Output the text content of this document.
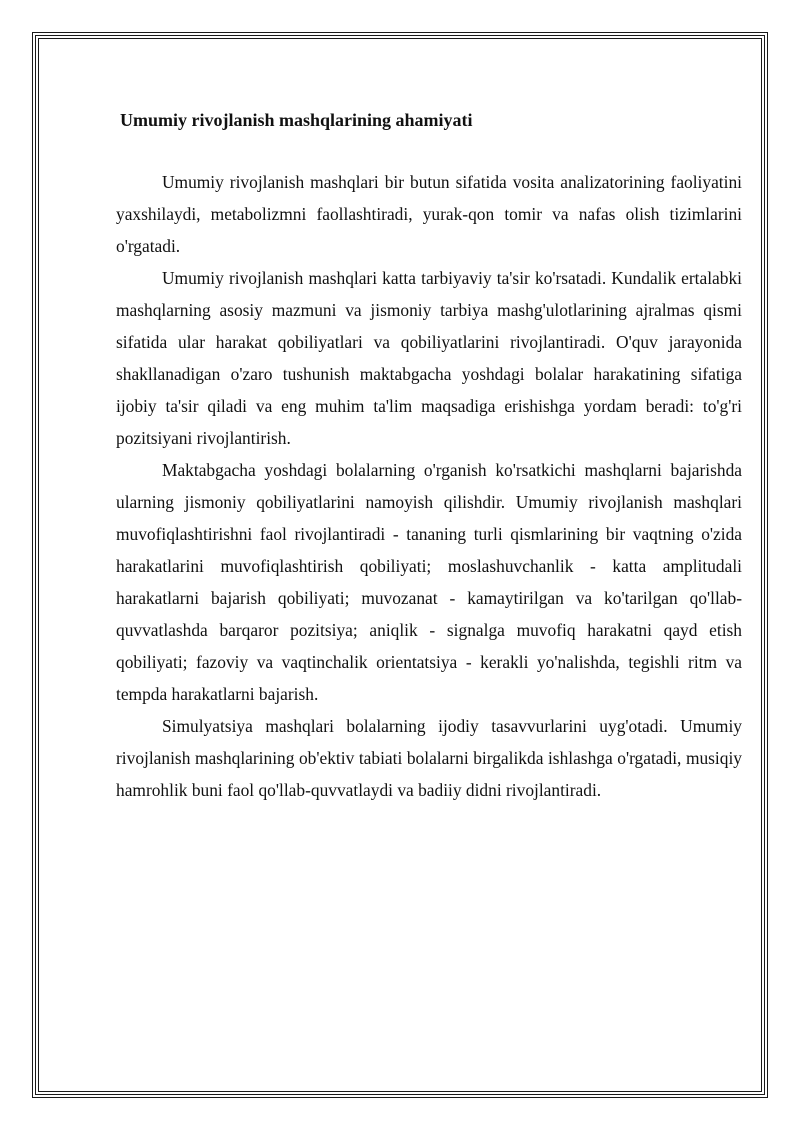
Umumiy rivojlanish mashqlarining ahamiyati

Umumiy rivojlanish mashqlari bir butun sifatida vosita analizatorining faoliyatini yaxshilaydi, metabolizmni faollashtiradi, yurak-qon tomir va nafas olish tizimlarini o'rgatadi.

Umumiy rivojlanish mashqlari katta tarbiyaviy ta'sir ko'rsatadi. Kundalik ertalabki mashqlarning asosiy mazmuni va jismoniy tarbiya mashg'ulotlarining ajralmas qismi sifatida ular harakat qobiliyatlari va qobiliyatlarini rivojlantiradi. O'quv jarayonida shakllanadigan o'zaro tushunish maktabgacha yoshdagi bolalar harakatining sifatiga ijobiy ta'sir qiladi va eng muhim ta'lim maqsadiga erishishga yordam beradi: to'g'ri pozitsiyani rivojlantirish.

Maktabgacha yoshdagi bolalarning o'rganish ko'rsatkichi mashqlarni bajarishda ularning jismoniy qobiliyatlarini namoyish qilishdir. Umumiy rivojlanish mashqlari muvofiqlashtirishni faol rivojlantiradi - tananing turli qismlarining bir vaqtning o'zida harakatlarini muvofiqlashtirish qobiliyati; moslashuvchanlik - katta amplitudali harakatlarni bajarish qobiliyati; muvozanat - kamaytirilgan va ko'tarilgan qo'llab-quvvatlashda barqaror pozitsiya; aniqlik - signalga muvofiq harakatni qayd etish qobiliyati; fazoviy va vaqtinchalik orientatsiya - kerakli yo'nalishda, tegishli ritm va tempda harakatlarni bajarish.

Simulyatsiya mashqlari bolalarning ijodiy tasavvurlarini uyg'otadi. Umumiy rivojlanish mashqlarining ob'ektiv tabiati bolalarni birgalikda ishlashga o'rgatadi, musiqiy hamrohlik buni faol qo'llab-quvvatlaydi va badiiy didni rivojlantiradi.
